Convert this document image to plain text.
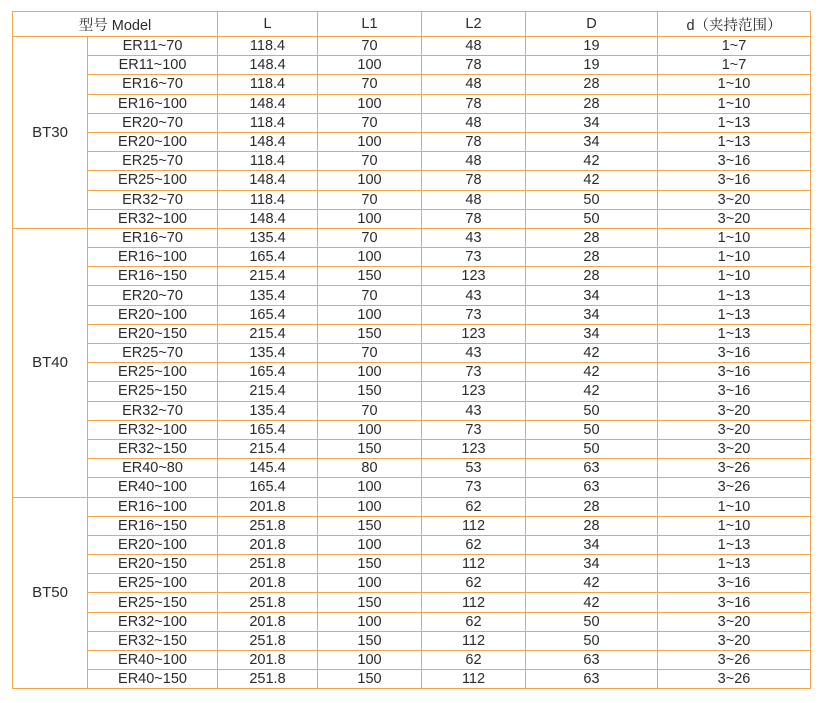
型号 Model		L	L1	L2	D	d（夹持范围）
BT30	ER11~70	118.4	70	48	19	1~7
	ER11~100	148.4	100	78	19	1~7
	ER16~70	118.4	70	48	28	1~10
	ER16~100	148.4	100	78	28	1~10
	ER20~70	118.4	70	48	34	1~13
	ER20~100	148.4	100	78	34	1~13
	ER25~70	118.4	70	48	42	3~16
	ER25~100	148.4	100	78	42	3~16
	ER32~70	118.4	70	48	50	3~20
	ER32~100	148.4	100	78	50	3~20
BT40	ER16~70	135.4	70	43	28	1~10
	ER16~100	165.4	100	73	28	1~10
	ER16~150	215.4	150	123	28	1~10
	ER20~70	135.4	70	43	34	1~13
	ER20~100	165.4	100	73	34	1~13
	ER20~150	215.4	150	123	34	1~13
	ER25~70	135.4	70	43	42	3~16
	ER25~100	165.4	100	73	42	3~16
	ER25~150	215.4	150	123	42	3~16
	ER32~70	135.4	70	43	50	3~20
	ER32~100	165.4	100	73	50	3~20
	ER32~150	215.4	150	123	50	3~20
	ER40~80	145.4	80	53	63	3~26
	ER40~100	165.4	100	73	63	3~26
BT50	ER16~100	201.8	100	62	28	1~10
	ER16~150	251.8	150	112	28	1~10
	ER20~100	201.8	100	62	34	1~13
	ER20~150	251.8	150	112	34	1~13
	ER25~100	201.8	100	62	42	3~16
	ER25~150	251.8	150	112	42	3~16
	ER32~100	201.8	100	62	50	3~20
	ER32~150	251.8	150	112	50	3~20
	ER40~100	201.8	100	62	63	3~26
	ER40~150	251.8	150	112	63	3~26
